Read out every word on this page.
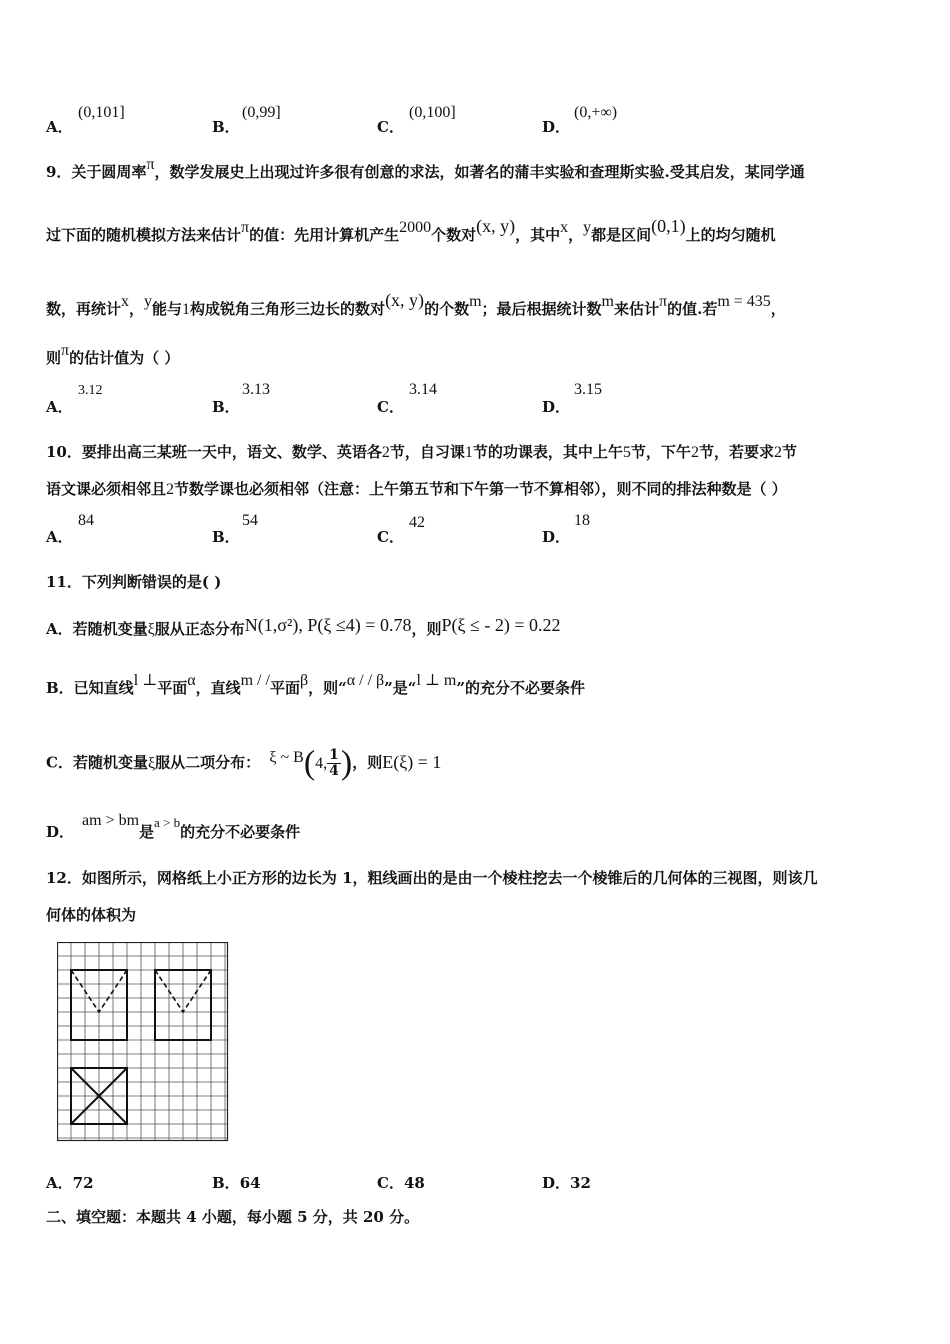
A．
(0,101]
B．
(0,99]
C．
(0,100]
D．
(0,+∞)
9．关于圆周率π，数学发展史上出现过许多很有创意的求法，如著名的蒲丰实验和查理斯实验.受其启发，某同学通
过下面的随机模拟方法来估计π的值：先用计算机产生2000个数对(x, y)，其中x，y都是区间(0,1)上的均匀随机
数，再统计x，y能与1构成锐角三角形三边长的数对(x, y)的个数m；最后根据统计数m来估计π的值.若m = 435，
则π的估计值为（ ）
A．
3.12
B．
3.13
C．
3.14
D．
3.15
10．要排出高三某班一天中，语文、数学、英语各2节，自习课1节的功课表，其中上午5节，下午2节，若要求2节
语文课必须相邻且2节数学课也必须相邻（注意：上午第五节和下午第一节不算相邻），则不同的排法种数是（ ）
A．
84
B．
54
C．
42
D．
18
11．下列判断错误的是( )
A．若随机变量ξ服从正态分布N(1,σ²), P(ξ ≤4) = 0.78，则P(ξ ≤ - 2) = 0.22
B．已知直线l ⊥平面α，直线m / /平面β，则“α / / β”是“l ⊥ m”的充分不必要条件
C．若随机变量ξ服从二项分布： ξ ~ B(4, $\frac{1}{4}$ )，则E(ξ) = 1
D．am > bm是a > b的充分不必要条件
12．如图所示，网格纸上小正方形的边长为 1，粗线画出的是由一个棱柱挖去一个棱锥后的几何体的三视图，则该几
何体的体积为
A．72	B．64	C．48	D．32
二、填空题：本题共 4 小题，每小题 5 分，共 20 分。
